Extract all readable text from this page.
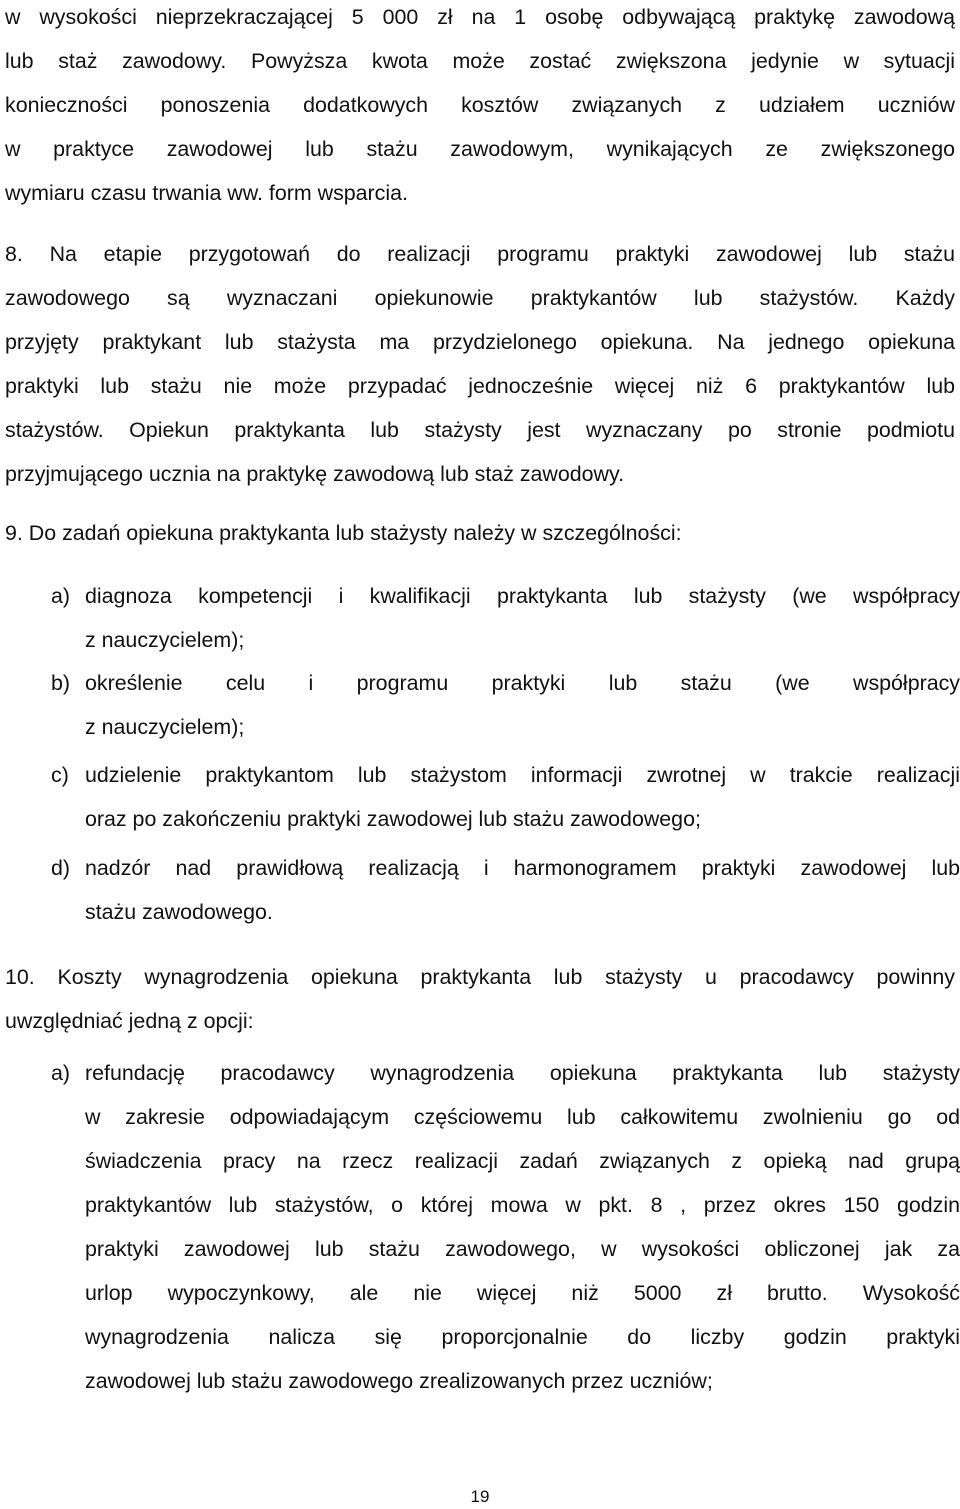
w wysokości nieprzekraczającej 5 000 zł na 1 osobę odbywającą praktykę zawodową
lub staż zawodowy. Powyższa kwota może zostać zwiększona jedynie w sytuacji
konieczności ponoszenia dodatkowych kosztów związanych z udziałem uczniów
w praktyce zawodowej lub stażu zawodowym, wynikających ze zwiększonego
wymiaru czasu trwania ww. form wsparcia.
8. Na etapie przygotowań do realizacji programu praktyki zawodowej lub stażu
zawodowego są wyznaczani opiekunowie praktykantów lub stażystów. Każdy
przyjęty praktykant lub stażysta ma przydzielonego opiekuna. Na jednego opiekuna
praktyki lub stażu nie może przypadać jednocześnie więcej niż 6 praktykantów lub
stażystów. Opiekun praktykanta lub stażysty jest wyznaczany po stronie podmiotu
przyjmującego ucznia na praktykę zawodową lub staż zawodowy.
9. Do zadań opiekuna praktykanta lub stażysty należy w szczególności:
a) diagnoza kompetencji i kwalifikacji praktykanta lub stażysty (we współpracy
z nauczycielem);
b) określenie celu i programu praktyki lub stażu (we współpracy
z nauczycielem);
c) udzielenie praktykantom lub stażystom informacji zwrotnej w trakcie realizacji
oraz po zakończeniu praktyki zawodowej lub stażu zawodowego;
d) nadzór nad prawidłową realizacją i harmonogramem praktyki zawodowej lub
stażu zawodowego.
10. Koszty wynagrodzenia opiekuna praktykanta lub stażysty u pracodawcy powinny
uwzględniać jedną z opcji:
a) refundację pracodawcy wynagrodzenia opiekuna praktykanta lub stażysty
w zakresie odpowiadającym częściowemu lub całkowitemu zwolnieniu go od
świadczenia pracy na rzecz realizacji zadań związanych z opieką nad grupą
praktykantów lub stażystów, o której mowa w pkt. 8 , przez okres 150 godzin
praktyki zawodowej lub stażu zawodowego, w wysokości obliczonej jak za
urlop wypoczynkowy, ale nie więcej niż 5000 zł brutto. Wysokość
wynagrodzenia nalicza się proporcjonalnie do liczby godzin praktyki
zawodowej lub stażu zawodowego zrealizowanych przez uczniów;
19
